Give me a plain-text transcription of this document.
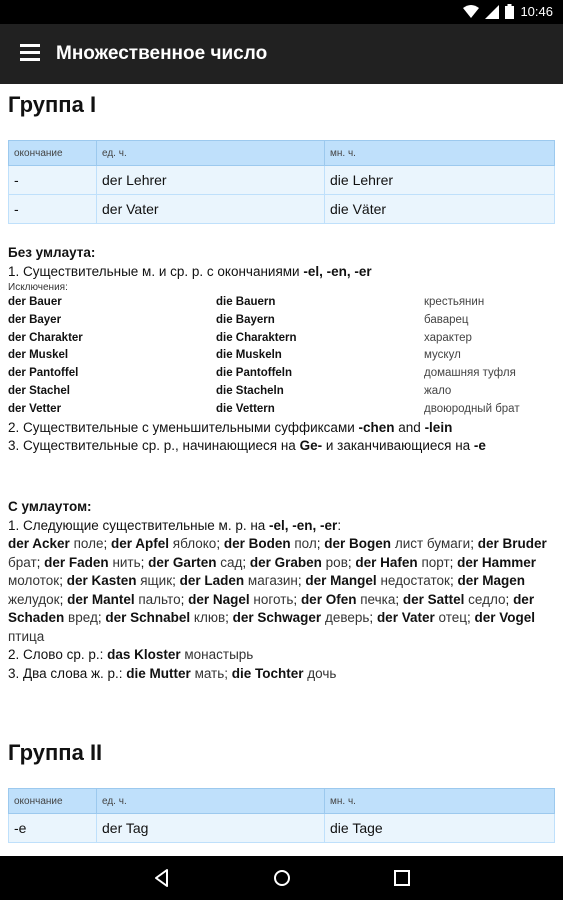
10:46
Множественное число
Группа I
окончание	ед. ч.	мн. ч.
-	der Lehrer	die Lehrer
-	der Vater	die Väter
Без умлаута:
1. Существительные м. и ср. р. с окончаниями -el, -en, -er
Исключения:
der Bauer	die Bauern	крестьянин
der Bayer	die Bayern	баварец
der Charakter	die Charaktern	характер
der Muskel	die Muskeln	мускул
der Pantoffel	die Pantoffeln	домашняя туфля
der Stachel	die Stacheln	жало
der Vetter	die Vettern	двоюродный брат
2. Существительные с уменьшительными суффиксами -chen and -lein
3. Существительные ср. р., начинающиеся на Ge- и заканчивающиеся на -e
С умлаутом:
1. Следующие существительные м. р. на -el, -en, -er:
der Acker поле; der Apfel яблоко; der Boden пол; der Bogen лист бумаги; der Bruder брат; der Faden нить; der Garten сад; der Graben ров; der Hafen порт; der Hammer молоток; der Kasten ящик; der Laden магазин; der Mangel недостаток; der Magen желудок; der Mantel пальто; der Nagel ноготь; der Ofen печка; der Sattel седло; der Schaden вред; der Schnabel клюв; der Schwager деверь; der Vater отец; der Vogel птица
2. Слово ср. р.: das Kloster монастырь
3. Два слова ж. р.: die Mutter мать; die Tochter дочь
Группа II
окончание	ед. ч.	мн. ч.
-e	der Tag	die Tage
